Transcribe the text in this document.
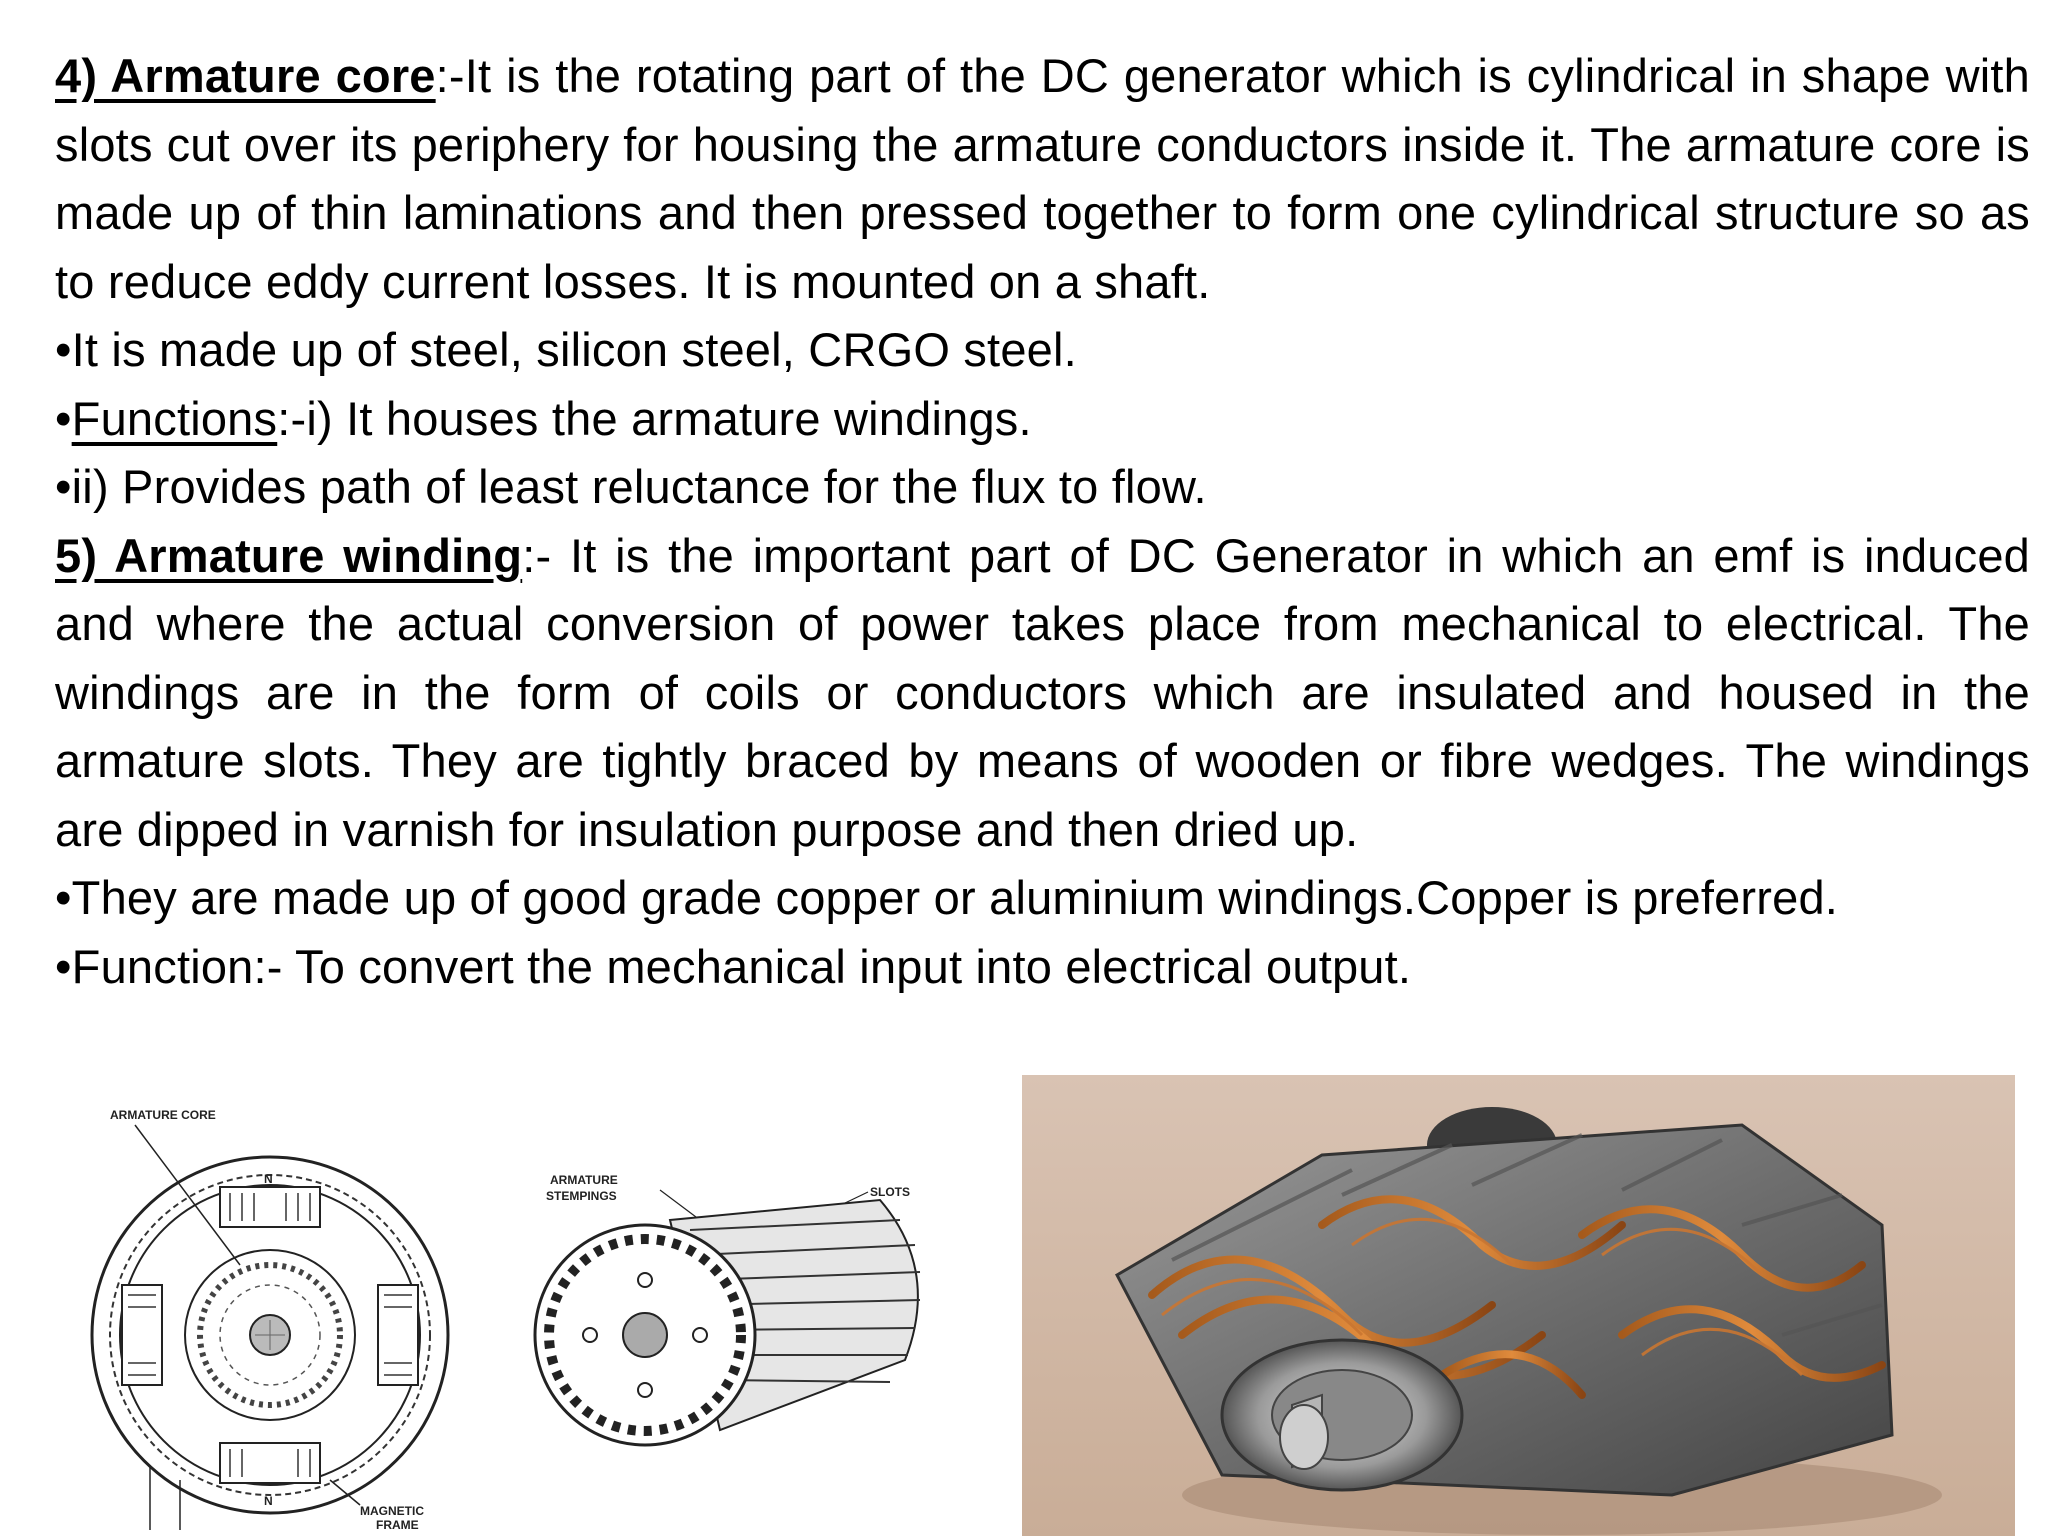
4) Armature core:-It is the rotating part of the DC generator which is cylindrical in shape with slots cut over its periphery for housing the armature conductors inside it. The armature core is made up of thin laminations and then pressed together to form one cylindrical structure so as to reduce eddy current losses. It is mounted on a shaft.

•It is made up of steel, silicon steel, CRGO steel.

•Functions:-i) It houses the armature windings.

•ii) Provides path of least reluctance for the flux to flow.

5) Armature winding:- It is the important part of DC Generator in which an emf is induced and where the actual conversion of power takes place from mechanical to electrical. The windings are in the form of coils or conductors which are insulated and housed in the armature slots. They are tightly braced by means of wooden or fibre wedges. The windings are dipped in varnish for insulation purpose and then dried up.

•They are made up of good grade copper or aluminium windings.Copper is preferred.

•Function:- To convert the mechanical input into electrical output.

ARMATURE CORE
N
N
MAGNETIC
FRAME
ARMATURE
STEMPINGS	SLOTS
